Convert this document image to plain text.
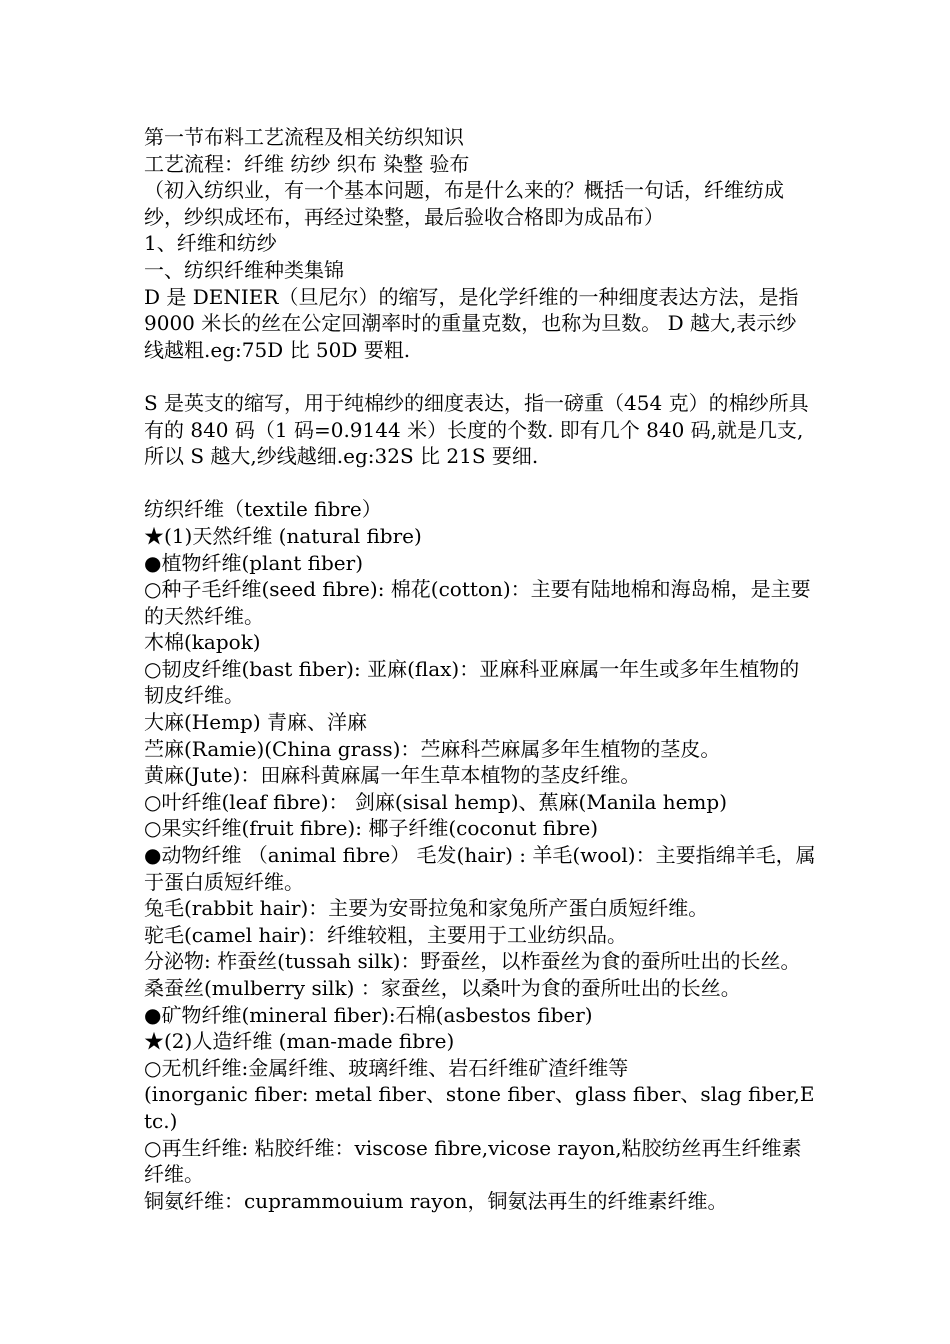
第一节布料工艺流程及相关纺织知识

工艺流程：纤维 纺纱 织布 染整 验布

（初入纺织业，有一个基本问题，布是什么来的？概括一句话，纤维纺成纱，纱织成坯布，再经过染整，最后验收合格即为成品布）

1、纤维和纺纱

一、纺织纤维种类集锦

D 是 DENIER（旦尼尔）的缩写，是化学纤维的一种细度表达方法，是指 9000 米长的丝在公定回潮率时的重量克数，也称为旦数。 D 越大,表示纱线越粗.eg:75D 比 50D 要粗.

S 是英支的缩写，用于纯棉纱的细度表达，指一磅重（454 克）的棉纱所具有的 840 码（1 码=0.9144 米）长度的个数. 即有几个 840 码,就是几支,所以 S 越大,纱线越细.eg:32S 比 21S 要细.

纺织纤维（textile fibre）

★(1)天然纤维 (natural fibre)

●植物纤维(plant fiber)

○种子毛纤维(seed fibre): 棉花(cotton)：主要有陆地棉和海岛棉，是主要的天然纤维。

木棉(kapok)

○韧皮纤维(bast fiber): 亚麻(flax)：亚麻科亚麻属一年生或多年生植物的韧皮纤维。

大麻(Hemp) 青麻、洋麻

苎麻(Ramie)(China grass)：苎麻科苎麻属多年生植物的茎皮。

黄麻(Jute)：田麻科黄麻属一年生草本植物的茎皮纤维。

○叶纤维(leaf fibre)： 剑麻(sisal hemp)、蕉麻(Manila hemp)

○果实纤维(fruit fibre): 椰子纤维(coconut fibre)

●动物纤维 （animal fibre） 毛发(hair) : 羊毛(wool)：主要指绵羊毛，属于蛋白质短纤维。

兔毛(rabbit hair)：主要为安哥拉兔和家兔所产蛋白质短纤维。

驼毛(camel hair)：纤维较粗，主要用于工业纺织品。

分泌物: 柞蚕丝(tussah silk)：野蚕丝，以柞蚕丝为食的蚕所吐出的长丝。

桑蚕丝(mulberry silk) ：家蚕丝，以桑叶为食的蚕所吐出的长丝。

●矿物纤维(mineral fiber):石棉(asbestos fiber)

★(2)人造纤维 (man-made fibre)

○无机纤维:金属纤维、玻璃纤维、岩石纤维矿渣纤维等

(inorganic fiber: metal fiber、stone fiber、glass fiber、slag fiber,Etc.)

○再生纤维: 粘胶纤维：viscose fibre,vicose rayon,粘胶纺丝再生纤维素纤维。

铜氨纤维：cuprammouium rayon，铜氨法再生的纤维素纤维。
